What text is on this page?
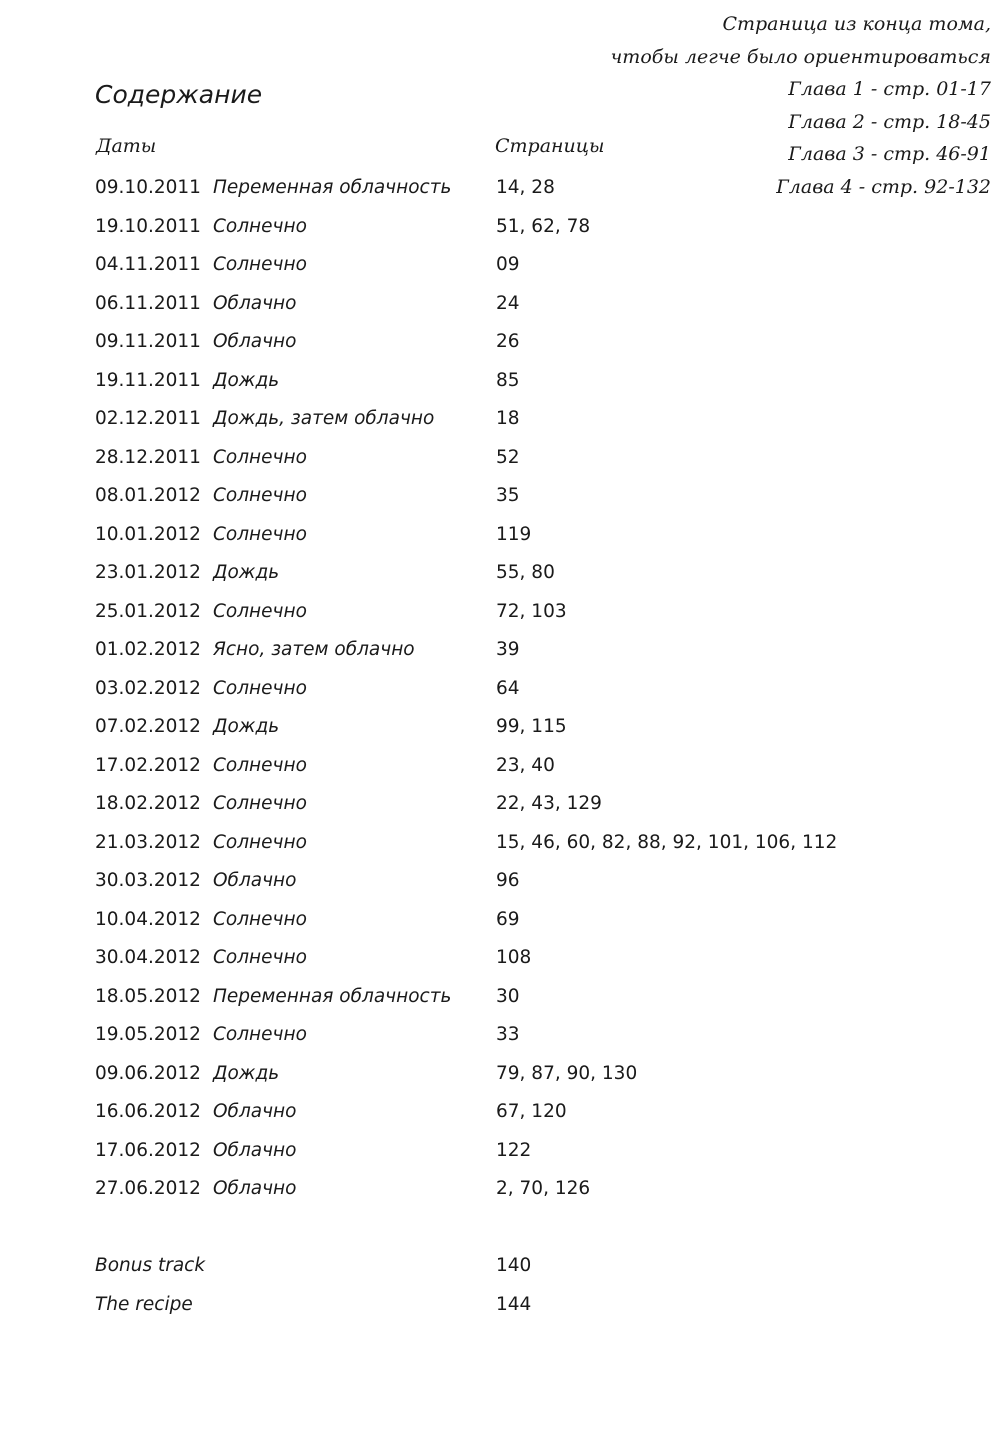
Страница из конца тома,
чтобы легче было ориентироваться
Глава 1 - стр. 01-17
Глава 2 - стр. 18-45
Глава 3 - стр. 46-91
Глава 4 - стр. 92-132
Содержание
Даты	Страницы
09.10.2011 Переменная облачность 14, 28
19.10.2011 Солнечно	51, 62, 78
04.11.2011 Солнечно	09
06.11.2011 Облачно	24
09.11.2011 Облачно	26
19.11.2011 Дождь	85
02.12.2011 Дождь, затем облачно	18
28.12.2011 Солнечно	52
08.01.2012 Солнечно	35
10.01.2012 Солнечно	119
23.01.2012 Дождь	55, 80
25.01.2012 Солнечно	72, 103
01.02.2012 Ясно, затем облачно	39
03.02.2012 Солнечно	64
07.02.2012 Дождь	99, 115
17.02.2012 Солнечно	23, 40
18.02.2012 Солнечно	22, 43, 129
21.03.2012 Солнечно	15, 46, 60, 82, 88, 92, 101, 106, 112
30.03.2012 Облачно	96
10.04.2012 Солнечно	69
30.04.2012 Солнечно	108
18.05.2012 Переменная облачность 30
19.05.2012 Солнечно	33
09.06.2012 Дождь	79, 87, 90, 130
16.06.2012 Облачно	67, 120
17.06.2012 Облачно	122
27.06.2012 Облачно	2, 70, 126
Bonus track	140
The recipe	144
